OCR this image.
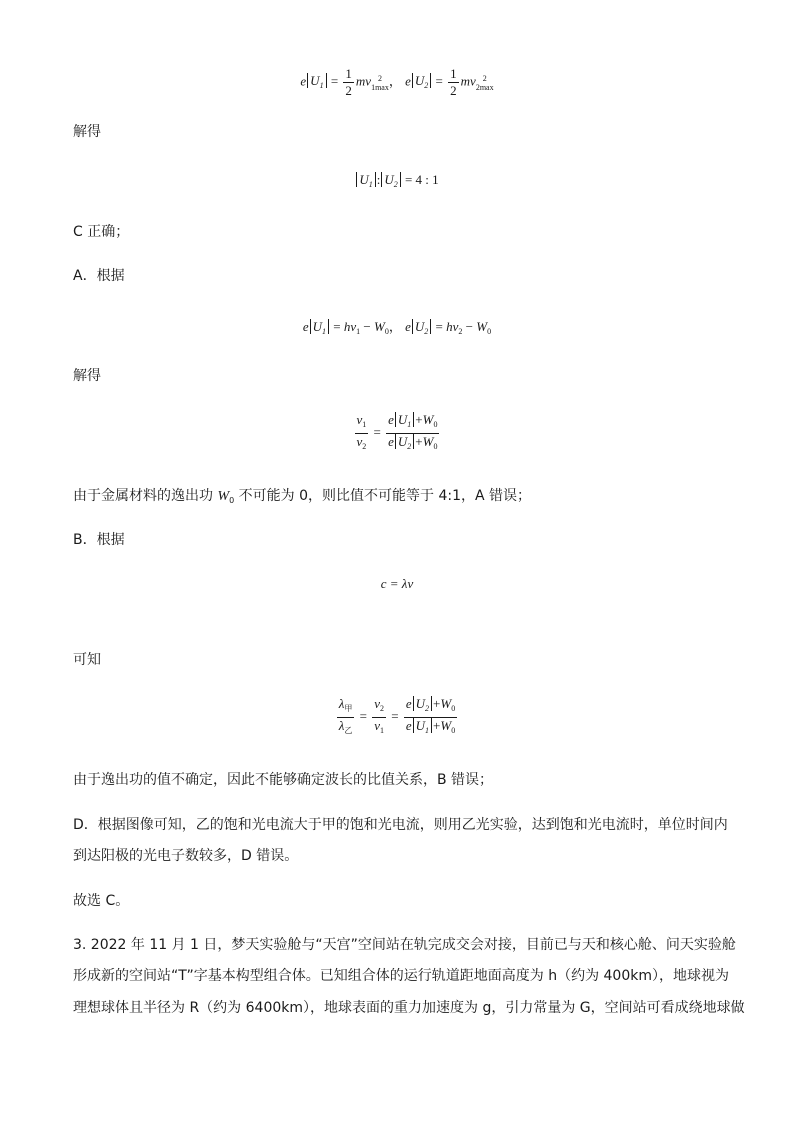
e $U_1 = \frac{1}{2}$ mv 2
1max ， e $U_2 = \frac{1}{2}$ mv 2
2max
解得
$U_1$ : $U_2 = 4$ : 1
C 正确；
A．根据
e $U_1 = h\nu_1 - W_0$， e $U_2 = h\nu_2 - W_0$
解得
$\frac{\nu_1}{\nu_2} = \frac{e U_1 +W_0}{e U_2 +W_0}$
由于金属材料的逸出功 $W_0$ 不可能为 0，则比值不可能等于 4:1，A 错误；
B．根据
c = λν
可知
$\frac{\lambda_甲}{\lambda_乙} = \frac{\nu_2}{\nu_1} = \frac{e U_2 +W_0}{e U_1 +W_0}$
由于逸出功的值不确定，因此不能够确定波长的比值关系，B 错误；
D．根据图像可知，乙的饱和光电流大于甲的饱和光电流，则用乙光实验，达到饱和光电流时，单位时间内
到达阳极的光电子数较多，D 错误。
故选 C。
3. 2022 年 11 月 1 日，梦天实验舱与“天宫”空间站在轨完成交会对接，目前已与天和核心舱、问天实验舱
形成新的空间站“T”字基本构型组合体。已知组合体的运行轨道距地面高度为 h（约为 400km），地球视为
理想球体且半径为 R（约为 6400km），地球表面的重力加速度为 g，引力常量为 G，空间站可看成绕地球做
